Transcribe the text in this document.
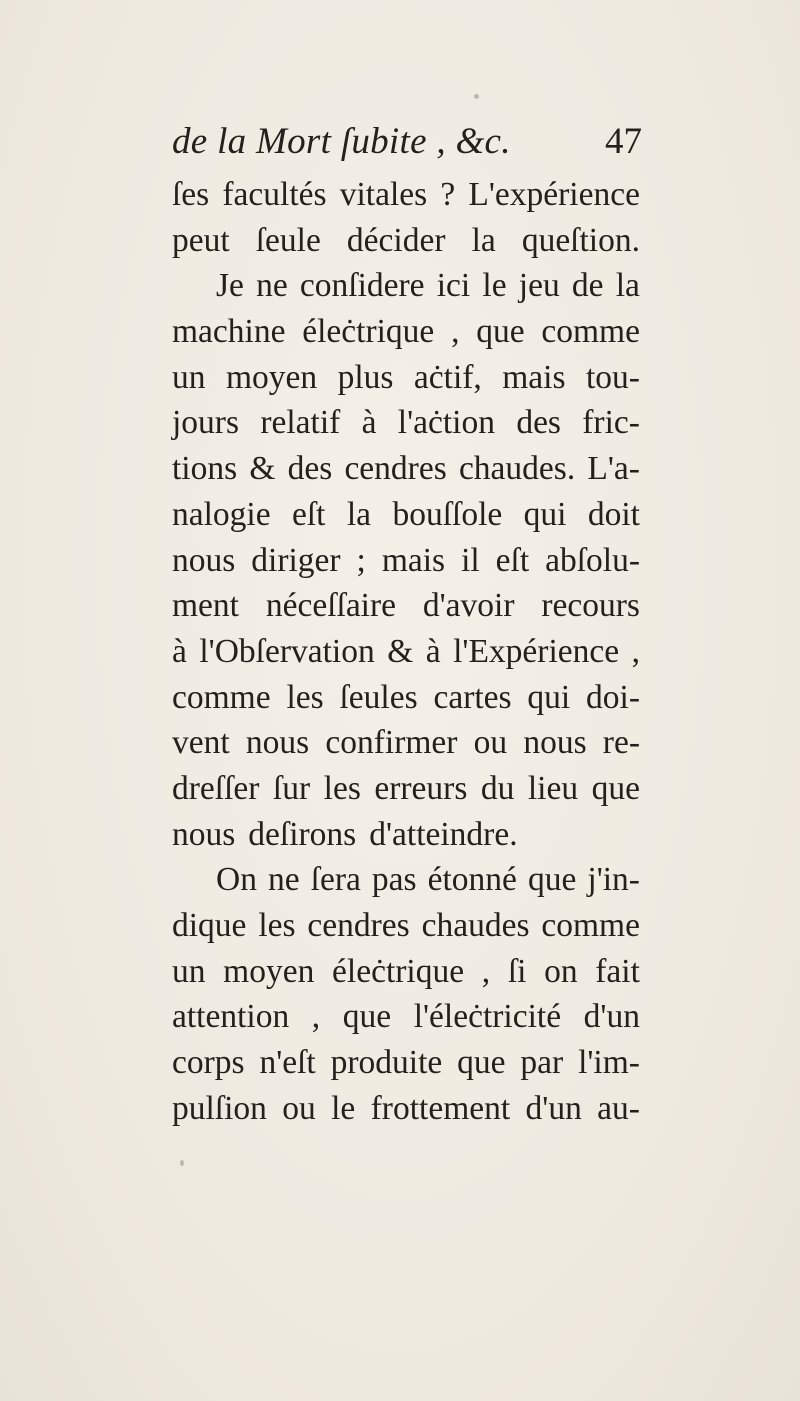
de la Mort ſubite , &c.	47
ſes facultés vitales ? L'expérience
peut ſeule décider la queſtion.
Je ne conſidere ici le jeu de la
machine éleċtrique , que comme
un moyen plus aċtif, mais tou-
jours relatif à l'aċtion des fric-
tions & des cendres chaudes. L'a-
nalogie eſt la bouſſole qui doit
nous diriger ; mais il eſt abſolu-
ment néceſſaire d'avoir recours
à l'Obſervation & à l'Expérience ,
comme les ſeules cartes qui doi-
vent nous confirmer ou nous re-
dreſſer ſur les erreurs du lieu que
nous deſirons d'atteindre.
On ne ſera pas étonné que j'in-
dique les cendres chaudes comme
un moyen éleċtrique , ſi on fait
attention , que l'éleċtricité d'un
corps n'eſt produite que par l'im-
pulſion ou le frottement d'un au-
